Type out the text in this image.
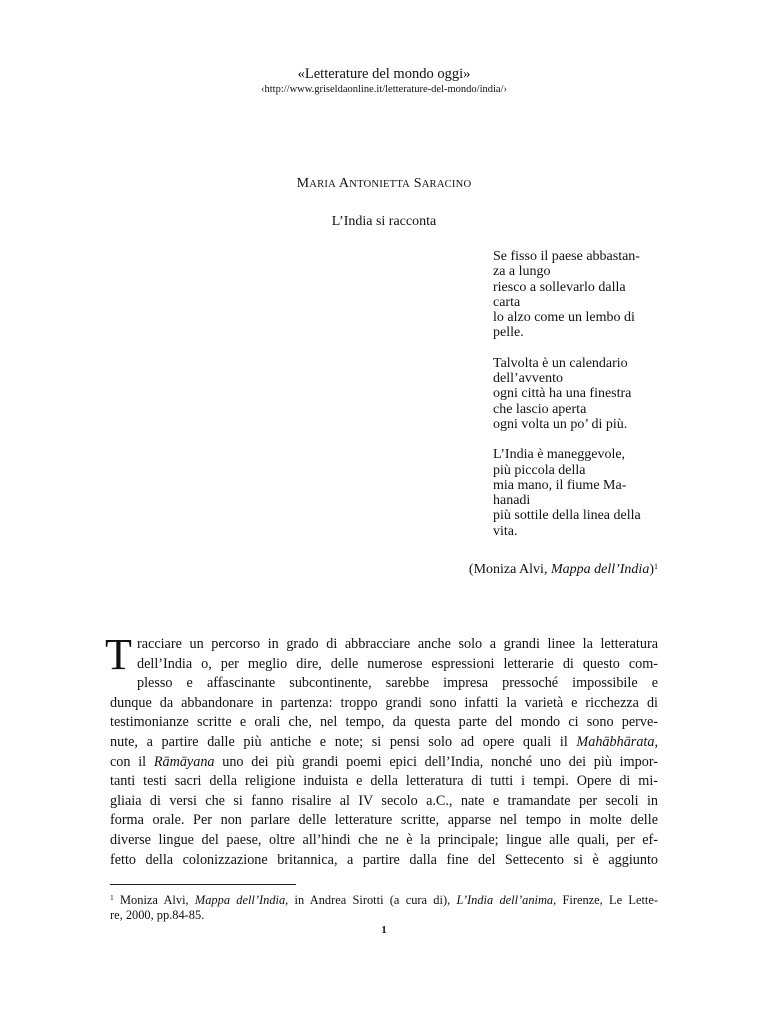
«Letterature del mondo oggi»
‹http://www.griseldaonline.it/letterature-del-mondo/india/›
MARIA ANTONIETTA SARACINO
L’India si racconta
Se fisso il paese abbastan-
za a lungo
riesco a sollevarlo dalla
carta
lo alzo come un lembo di
pelle.
Talvolta è un calendario
dell’avvento
ogni città ha una finestra
che lascio aperta
ogni volta un po’ di più.
L’India è maneggevole,
più piccola della
mia mano, il fiume Ma-
hanadi
più sottile della linea della
vita.
(Moniza Alvi, Mappa dell’India)$^1$
T racciare un percorso in grado di abbracciare anche solo a grandi linee la letteratura
dell’India o, per meglio dire, delle numerose espressioni letterarie di questo com-
plesso e affascinante subcontinente, sarebbe impresa pressoché impossibile e
dunque da abbandonare in partenza: troppo grandi sono infatti la varietà e ricchezza di
testimonianze scritte e orali che, nel tempo, da questa parte del mondo ci sono perve-
nute, a partire dalle più antiche e note; si pensi solo ad opere quali il Mahābhārata,
con il Rāmāyana uno dei più grandi poemi epici dell’India, nonché uno dei più impor-
tanti testi sacri della religione induista e della letteratura di tutti i tempi. Opere di mi-
gliaia di versi che si fanno risalire al IV secolo a.C., nate e tramandate per secoli in
forma orale. Per non parlare delle letterature scritte, apparse nel tempo in molte delle
diverse lingue del paese, oltre all’hindi che ne è la principale; lingue alle quali, per ef-
fetto della colonizzazione britannica, a partire dalla fine del Settecento si è aggiunto
$^1$ Moniza Alvi, Mappa dell’India, in Andrea Sirotti (a cura di), L’India dell’anima, Firenze, Le Lette-
re, 2000, pp.84-85.
1
